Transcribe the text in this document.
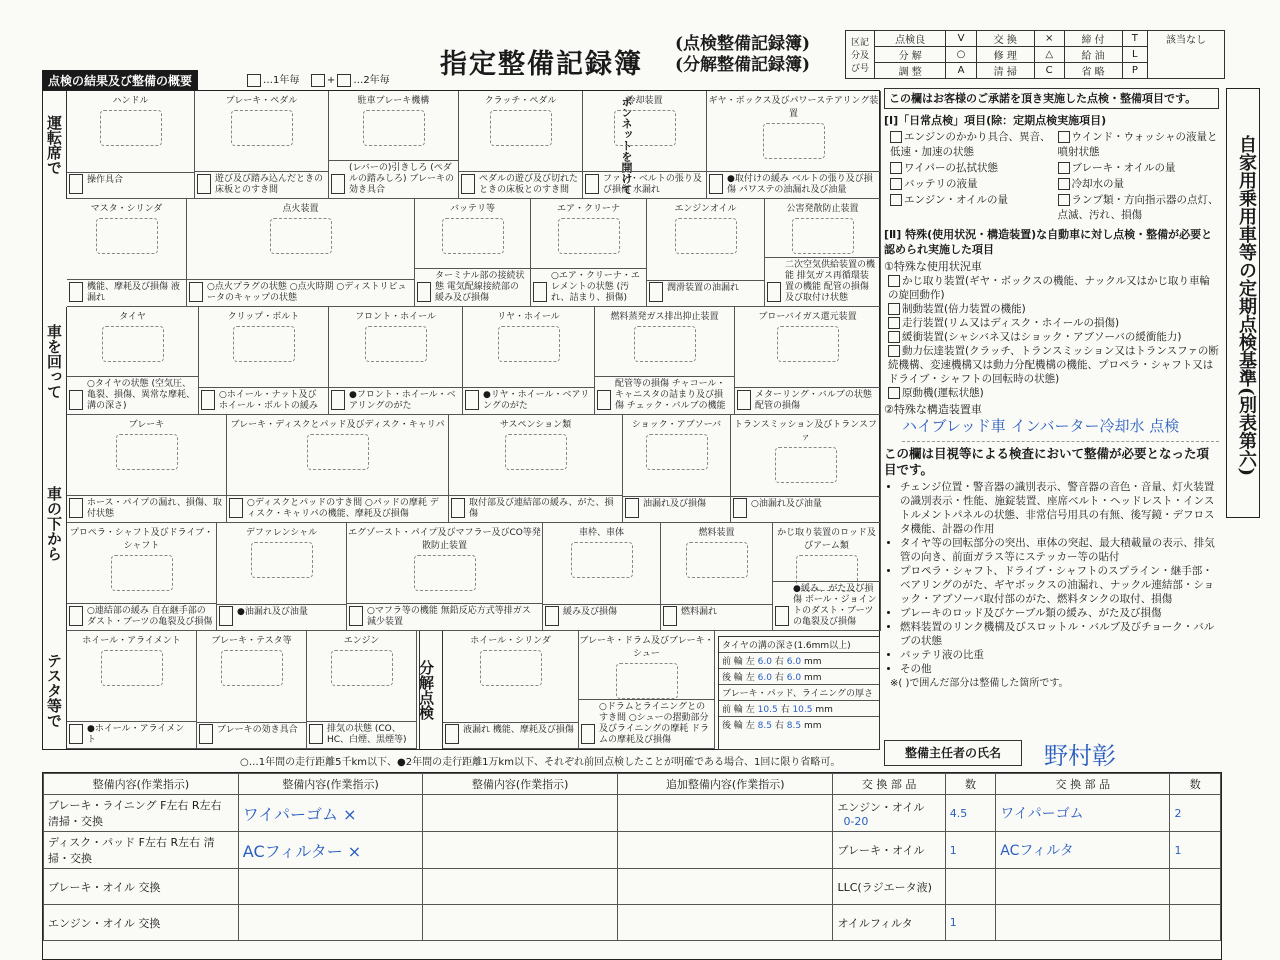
指定整備記録簿
(点検整備記録簿)
(分解整備記録簿)
区記 分及 び号	点検良	V	交 換	×	締 付	T	該当なし
	分 解	○	修 理	△	給 油	L	
	調 整	A	清 掃	C	省 略	P	
点検の結果及び整備の概要	…1年毎	+ …2年毎
運転席で
車を回って
車の下から
テスタ等で
ボンネットを開けて
分解点検
ハンドル
操作具合
ブレーキ・ペダル
遊び及び踏み込んだときの床板とのすき間
駐車ブレーキ機構
(レバーの)引きしろ (ペダルの踏みしろ) ブレーキの効き具合
クラッチ・ペダル
ペダルの遊び及び切れたときの床板とのすき間
冷却装置
ファン・ベルトの張り及び損傷 水漏れ
ギヤ・ボックス及びパワーステアリング装置
●取付けの緩み ベルトの張り及び損傷 パワステの油漏れ及び油量
マスタ・シリンダ
機能、摩耗及び損傷 液漏れ
点火装置
○点火プラグの状態 ○点火時期 ○ディストリビュータのキャップの状態
バッテリ等
ターミナル部の接続状態 電気配線接続部の緩み及び損傷
エア・クリーナ
○エア・クリーナ・エレメントの状態 (汚れ、詰まり、損傷)
エンジンオイル
潤滑装置の油漏れ
公害発散防止装置
二次空気供給装置の機能 排気ガス再循環装置の機能 配管の損傷及び取付け状態
タイヤ
○タイヤの状態 (空気圧、亀裂、損傷、異常な摩耗、溝の深さ)
クリップ・ボルト
○ホイール・ナット及びホイール・ボルトの緩み
フロント・ホイール
●フロント・ホイール・ベアリングのがた
リヤ・ホイール
●リヤ・ホイール・ベアリングのがた
燃料蒸発ガス排出抑止装置
配管等の損傷 チャコール・キャニスタの詰まり及び損傷 チェック・バルブの機能
ブローバイガス還元装置
メターリング・バルブの状態 配管の損傷
ブレーキ
ホース・パイプの漏れ、損傷、取付状態
ブレーキ・ディスクとパッド及びディスク・キャリパ
○ディスクとパッドのすき間 ○パッドの摩耗 ディスク・キャリパの機能、摩耗及び損傷
サスペンション類
取付部及び連結部の緩み、がた、損傷
ショック・アブソーバ
油漏れ及び損傷
トランスミッション及びトランスファ
○油漏れ及び油量
プロペラ・シャフト及びドライブ・シャフト
○連結部の緩み 自在継手部のダスト・ブーツの亀裂及び損傷
デファレンシャル
●油漏れ及び油量
エグゾースト・パイプ及びマフラー及びCO等発散防止装置
○マフラ等の機能 無鉛反応方式等排ガス減少装置
車枠、車体
緩み及び損傷
燃料装置
燃料漏れ
かじ取り装置のロッド及びアーム類
●緩み、がた及び損傷 ボール・ジョイントのダスト・ブーツの亀裂及び損傷
ホイール・アライメント
●ホイール・アライメント
ブレーキ・テスタ等
ブレーキの効き具合
エンジン
排気の状態 (CO、HC、白煙、黒煙等)
ホイール・シリンダ
液漏れ 機能、摩耗及び損傷
ブレーキ・ドラム及びブレーキ・シュー
○ドラムとライニングとのすき間 ○シューの摺動部分及びライニングの摩耗 ドラムの摩耗及び損傷
○…1年間の走行距離5千km以下、●2年間の走行距離1万km以下、それぞれ前回点検したことが明確である場合、1回に限り省略可。
タイヤの溝の深さ(1.6mm以上)
前 輪 左 6.0 右 6.0 mm
後 輪 左 6.0 右 6.0 mm
ブレーキ・パッド、ライニングの厚さ
前 輪 左 10.5 右 10.5 mm
後 輪 左 8.5 右 8.5 mm
この欄はお客様のご承諾を頂き実施した点検・整備項目です。
[Ⅰ]「日常点検」項目(除：定期点検実施項目)
エンジンのかかり具合、異音、低速・加速の状態
ウインド・ウォッシャの液量と噴射状態
ワイパーの払拭状態	ブレーキ・オイルの量
バッテリの液量	冷却水の量
エンジン・オイルの量	ランプ類・方向指示器の点灯、点滅、汚れ、損傷
[Ⅱ] 特殊(使用状況・構造装置)な自動車に対し点検・整備が必要と認められ実施した項目
①特殊な使用状況車
かじ取り装置(ギヤ・ボックスの機能、ナックル又はかじ取り車輪の旋回動作)
制動装置(倍力装置の機能)
走行装置(リム又はディスク・ホイールの損傷)
緩衝装置(シャシバネ又はショック・アブソーバの緩衝能力)
動力伝達装置(クラッチ、トランスミッション又はトランスファの断続機構、変速機構又は動力分配機構の機能、プロペラ・シャフト又はドライブ・シャフトの回転時の状態)
原動機(運転状態)
②特殊な構造装置車
ハイブレッド車 インバーター冷却水 点検
この欄は目視等による検査において整備が必要となった項目です。
• チェンジ位置・警音器の識別表示、警音器の音色・音量、灯火装置の識別表示・性能、施錠装置、座席ベルト・ヘッドレスト・インストルメントパネルの状態、非常信号用具の有無、後写鏡・デフロスタ機能、計器の作用
• タイヤ等の回転部分の突出、車体の突起、最大積載量の表示、排気管の向き、前面ガラス等にステッカー等の貼付
• プロペラ・シャフト、ドライブ・シャフトのスプライン・継手部・ベアリングのがた、ギヤボックスの油漏れ、ナックル連結部・ショック・アブソーバ取付部のがた、燃料タンクの取付、損傷
• ブレーキのロッド及びケーブル類の緩み、がた及び損傷
• 燃料装置のリンク機構及びスロットル・バルブ及びチョーク・バルブの状態
• バッテリ液の比重
• その他
※( )で囲んだ部分は整備した箇所です。
自家用乗用車等の定期点検基準(別表第六)
整備主任者の氏名	野村彰
整備内容(作業指示)	整備内容(作業指示)	整備内容(作業指示)	追加整備内容(作業指示)	交 換 部 品	数	交 換 部 品	数
ブレーキ・ライニング F左右 R左右 清掃・交換	ワイパーゴム ×			エンジン・オイル0-20	4.5	ワイパーゴム	2
ディスク・パッド F左右 R左右 清掃・交換	ACフィルター ×			ブレーキ・オイル	1	ACフィルタ	1
ブレーキ・オイル 交換				LLC(ラジエータ液)			
エンジン・オイル 交換				オイルフィルタ	1		
